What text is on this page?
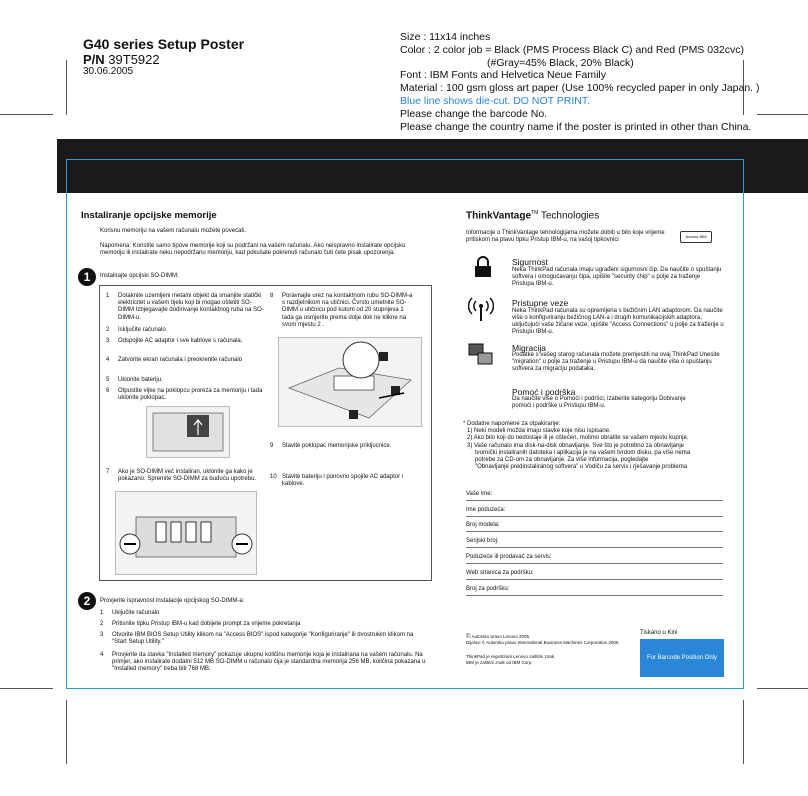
G40 series Setup Poster
P/N 39T5922
30.06.2005
Size : 11x14 inches
Color : 2 color job = Black (PMS Process Black C) and Red (PMS 032cvc)
(#Gray=45% Black, 20% Black)
Font : IBM Fonts and Helvetica Neue Family
Material : 100 gsm gloss art paper (Use 100% recycled paper in only Japan. )
Blue line shows die-cut. DO NOT PRINT.
Please change the barcode No.
Please change the country name if the poster is printed in other than China.
Instaliranje opcijske memorije
Korisnu memoriju na vašem računalu možete povećati.
Napomena: Koristite samo tipove memorije koji su podržani na vašem računalu. Ako neispravno instalirate opcijsku memoriju ili instalirate neku nepodržanu memoriju, kad pokušate pokrenuti računalo čuti ćete pisak upozorenja.
1	Instalirajte opcijski SO-DIMM:
1 Dotaknite uzemljeni metalni objekt da smanjite statički elektricitet u vašem tijelu koji bi mogao oštetiti SO-DIMM Izbjegavajte dodirivanje kontaktnog ruba na SO-DIMM-u.
2 Isključite računalo
3 Odspojite AC adaptor i sve kablove s računala.
4 Zatvorite ekran računala i preokrenite računalo
5 Uklonite bateriju.
6 Otpustite vijke na poklopcu proreza za memoriju i tada uklonite poklopac.
7 Ako je SO-DIMM već instaliran, uklonite ga kako je pokazano. Spremite SO-DIMM za buduću upotrebu.
8 Poravnajte urez na kontaktnom rubu SO-DIMM-a s razdjelnikom na utičnici. Čvrsto umetnite SO-DIMM u utičnicu pod kutom od 20 stupnjeva 1 tada ga usmjerite prema dolje dok ne klikne na svom mjestu 2 .
9 Stavite poklopac memorijske prikljucnice.
10 Stavite bateriju i ponovno spojite AC adaptor i kablove.
2	Provjerite ispravnost instalacije opcijskog SO-DIMM-a:
1 Uključite računalo
2 Pritisnite tipku Pristup IBM-u kad dobijete prompt za vrijeme pokretanja
3 Otvorite IBM BIOS Setup Utility klikom na "Access BIOS" ispod kategorije "Konfiguriranje" ili dvostrukim klikom na "Start Setup Utility."
4 Provjerite da stavka "Installed memory" pokazuje ukupnu količinu memorije koja je instalirana na vašem računalu. Na primjer, ako instalirate dodatni 512 MB SO-DIMM u računalo čija je standardna memorija 256 MB, količina pokazana u "Installed memory" treba biti 768 MB.
ThinkVantage™ Technologies
Informacije o ThinkVantage tehnologijama možete dobiti u bilo koje vrijeme pritiskom na plavu tipku Pristup IBM-u, na vašoj tipkovnici
Access IBM
Sigurnost
Neka ThinkPad računala imaju ugrađeni sigurnosni čip. Da naučite o spuštanju softvera i omogućavanju čipa, upišite "security chip" u polje za traženje Pristupa IBM-u.
Pristupne veze
Neka ThinkPad računala su opremljena s bežičnim LAN adaptorom. Da naučite više o konfiguriranju bežičnog LAN-a i drugih komunikacijskih adaptora, uključujući vaše žičane veze, upišite "Access Connections" u polje za traženje u Pristupu IBM-u.
Migracija
Podatke s vašeg starog računala možete premjestiti na ovaj ThinkPad Unesite "migration" u polje za traženje u Pristupu IBM-u da naučite više o spuštanju softvera za migraciju podataka.
Pomoć i podrška
Da naučite više o Pomoći i podršci, izaberite kategoriju Dobivanje pomoći i podrške u Pristupu IBM-u.
* Dodatne napomene za otpakiranje:
1) Neki modeli možda imaju stavke koje nisu ispisane.
2) Ako bilo koji do nedostaje ili je oštećen, molimo obratite se vašem mjestu kupnje.
3) Vaše računalo ima disk-na-disk obnavljanje. Sve što je potrebno za obnavljanje
tvornički instaliranih datoteka i aplikacija je na vašem tvrdom disku, pa više nema
potrebe za CD-om za obnavljanje. Za više informacija, pogledajte
"Obnavljanje predinstaliranog softvera" u Vodiču za servis i rješavanje problema
Vaše ime:
Ime poduzeća:
Broj modela:
Serijski broj:
Poduzeće ili prodavač za servis:
Web stranica za podršku:
Broj za podršku:
© Autorsko pravo Lenovo 2005.
Dijelovi © Autorsko pravo International Business Machines Corporation 2005.
ThinkPad je registrirani Lenovo zaštitni znak.
IBM je zaštitni znak od IBM Corp.
Tiskano u Kini
For Barcode Position Only
